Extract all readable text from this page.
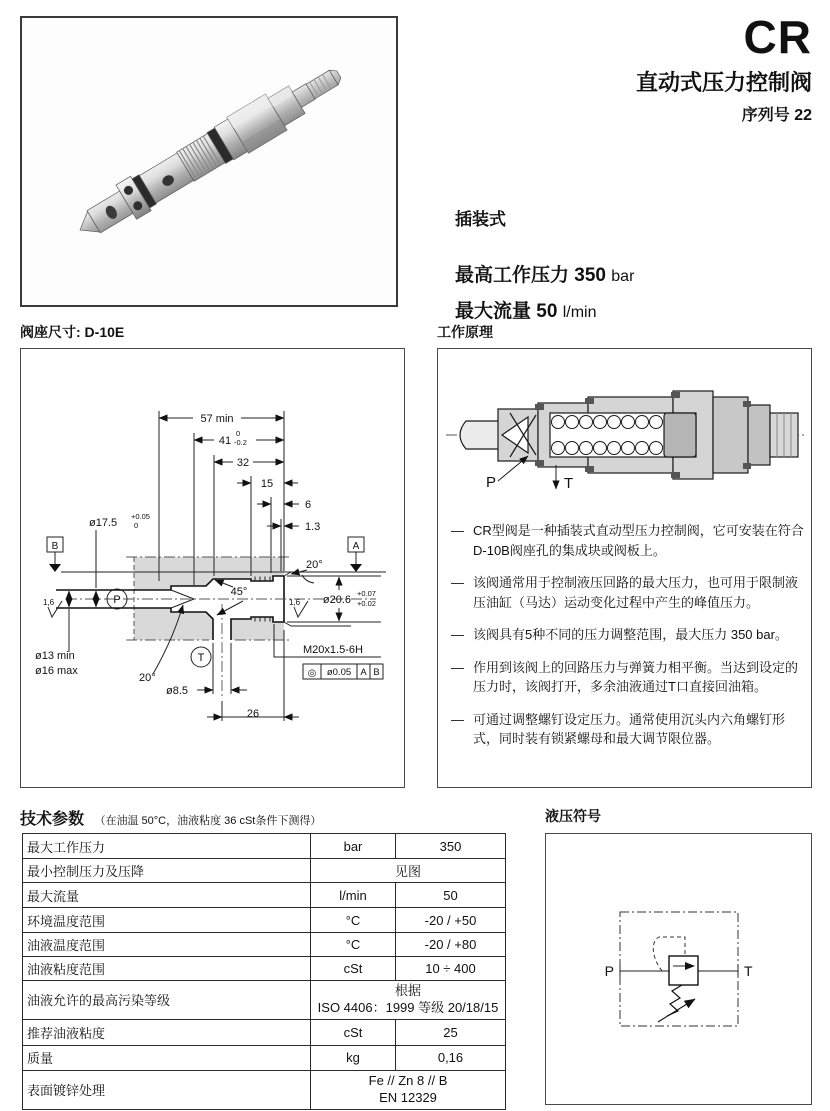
CR
直动式压力控制阀
序列号 22
插装式
最高工作压力 350 bar
最大流量 50 l/min
阀座尺寸: D-10E
B	A
57 min
41
0
-0.2
32
15
6
1.3
ø17.5
+0.05
0
ø13 min
ø16 max
P
T
45°
20°
20°
ø20.6
+0.07
+0.02
1,6	1,6
ø8.5
26
M20x1.5-6H
◎ ø0.05 A B
工作原理
P	T
— CR型阀是一种插装式直动型压力控制阀，它可安装在符合D-10B阀座孔的集成块或阀板上。
— 该阀通常用于控制液压回路的最大压力，也可用于限制液压油缸（马达）运动变化过程中产生的峰值压力。
— 该阀具有5种不同的压力调整范围，最大压力 350 bar。
— 作用到该阀上的回路压力与弹簧力相平衡。当达到设定的压力时，该阀打开，多余油液通过T口直接回油箱。
— 可通过调整螺钉设定压力。通常使用沉头内六角螺钉形式，同时装有锁紧螺母和最大调节限位器。
技术参数 （在油温 50°C，油液粘度 36 cSt条件下测得）
最大工作压力	bar	350
最小控制压力及压降	见图	
最大流量	l/min	50
环境温度范围	°C	-20 / +50
油液温度范围	°C	-20 / +80
油液粘度范围	cSt	10 ÷ 400
油液允许的最高污染等级	根据
ISO 4406：1999 等级 20/18/15	

推荐油液粘度	cSt	25
质量	kg	0,16
表面镀锌处理	Fe // Zn 8 // B
EN 12329	
液压符号
P	T
